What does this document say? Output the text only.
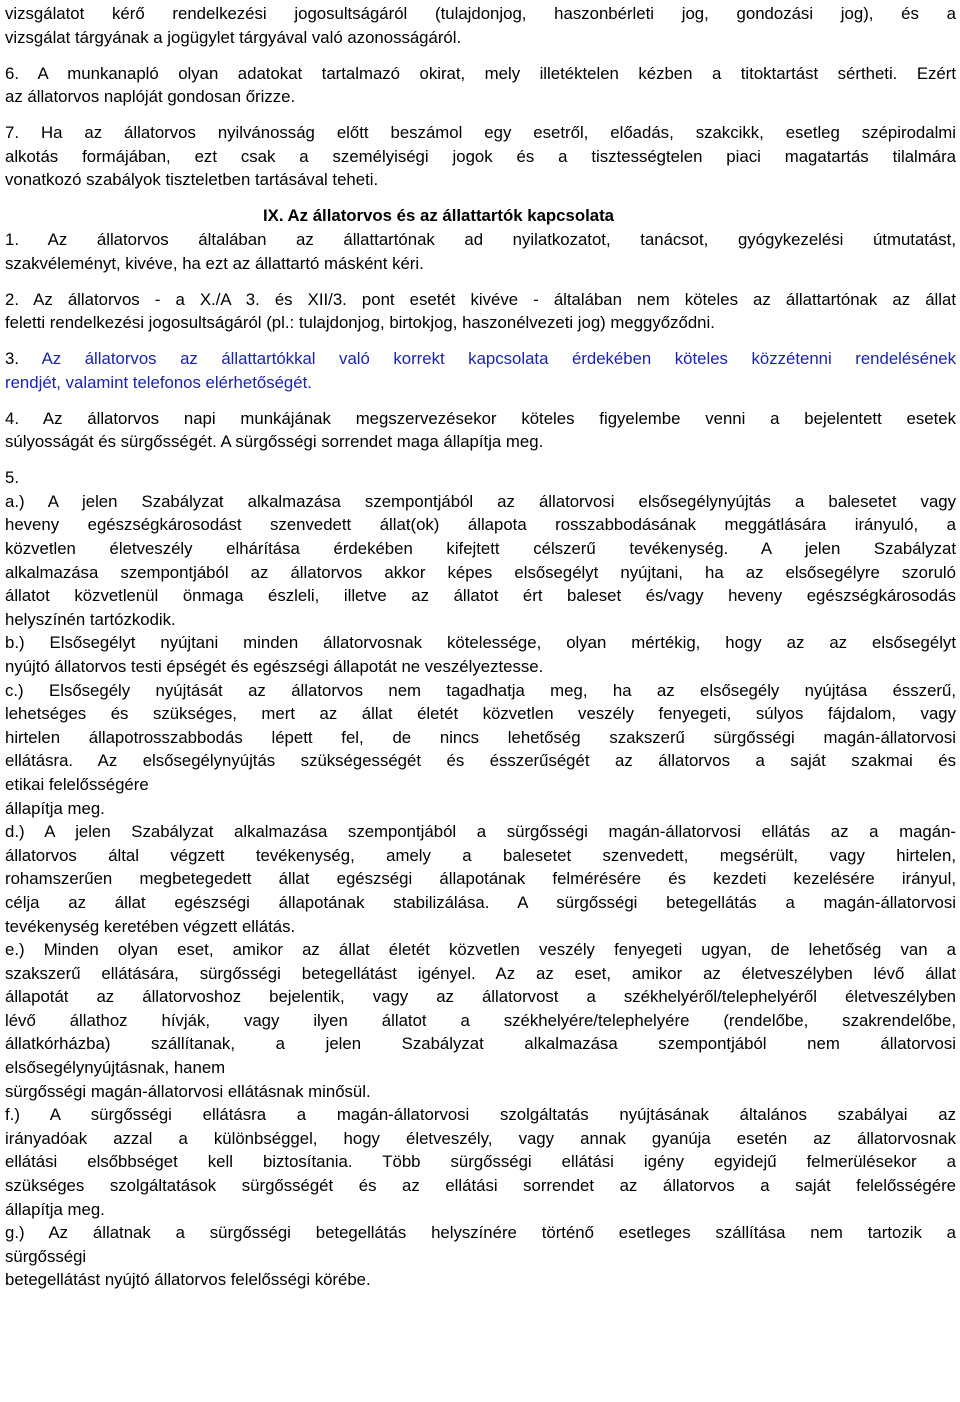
vizsgálatot kérő rendelkezési jogosultságáról (tulajdonjog, haszonbérleti jog, gondozási jog), és a
vizsgálat tárgyának a jogügylet tárgyával való azonosságáról.
6. A munkanapló olyan adatokat tartalmazó okirat, mely illetéktelen kézben a titoktartást sértheti. Ezért
az állatorvos naplóját gondosan őrizze.
7. Ha az állatorvos nyilvánosság előtt beszámol egy esetről, előadás, szakcikk, esetleg szépirodalmi
alkotás formájában, ezt csak a személyiségi jogok és a tisztességtelen piaci magatartás tilalmára
vonatkozó szabályok tiszteletben tartásával teheti.
IX. Az állatorvos és az állattartók kapcsolata
1. Az állatorvos általában az állattartónak ad nyilatkozatot, tanácsot, gyógykezelési útmutatást,
szakvéleményt, kivéve, ha ezt az állattartó másként kéri.
2. Az állatorvos - a X./A 3. és XII/3. pont esetét kivéve - általában nem köteles az állattartónak az állat
feletti rendelkezési jogosultságáról (pl.: tulajdonjog, birtokjog, haszonélvezeti jog) meggyőződni.
3. Az állatorvos az állattartókkal való korrekt kapcsolata érdekében köteles közzétenni rendelésének
rendjét, valamint telefonos elérhetőségét.
4. Az állatorvos napi munkájának megszervezésekor köteles figyelembe venni a bejelentett esetek
súlyosságát és sürgősségét. A sürgősségi sorrendet maga állapítja meg.
5.
a.) A jelen Szabályzat alkalmazása szempontjából az állatorvosi elsősegélynyújtás a balesetet vagy
heveny egészségkárosodást szenvedett állat(ok) állapota rosszabbodásának meggátlására irányuló, a
közvetlen életveszély elhárítása érdekében kifejtett célszerű tevékenység. A jelen Szabályzat
alkalmazása szempontjából az állatorvos akkor képes elsősegélyt nyújtani, ha az elsősegélyre szoruló
állatot közvetlenül önmaga észleli, illetve az állatot ért baleset és/vagy heveny egészségkárosodás
helyszínén tartózkodik.
b.) Elsősegélyt nyújtani minden állatorvosnak kötelessége, olyan mértékig, hogy az az elsősegélyt
nyújtó állatorvos testi épségét és egészségi állapotát ne veszélyeztesse.
c.) Elsősegély nyújtását az állatorvos nem tagadhatja meg, ha az elsősegély nyújtása ésszerű,
lehetséges és szükséges, mert az állat életét közvetlen veszély fenyegeti, súlyos fájdalom, vagy
hirtelen állapotrosszabbodás lépett fel, de nincs lehetőség szakszerű sürgősségi magán-állatorvosi
ellátásra. Az elsősegélynyújtás szükségességét és ésszerűségét az állatorvos a saját szakmai és
etikai felelősségére
állapítja meg.
d.) A jelen Szabályzat alkalmazása szempontjából a sürgősségi magán-állatorvosi ellátás az a magán-
állatorvos által végzett tevékenység, amely a balesetet szenvedett, megsérült, vagy hirtelen,
rohamszerűen megbetegedett állat egészségi állapotának felmérésére és kezdeti kezelésére irányul,
célja az állat egészségi állapotának stabilizálása. A sürgősségi betegellátás a magán-állatorvosi
tevékenység keretében végzett ellátás.
e.) Minden olyan eset, amikor az állat életét közvetlen veszély fenyegeti ugyan, de lehetőség van a
szakszerű ellátására, sürgősségi betegellátást igényel. Az az eset, amikor az életveszélyben lévő állat
állapotát az állatorvoshoz bejelentik, vagy az állatorvost a székhelyéről/telephelyéről életveszélyben
lévő állathoz hívják, vagy ilyen állatot a székhelyére/telephelyére (rendelőbe, szakrendelőbe,
állatkórházba) szállítanak, a jelen Szabályzat alkalmazása szempontjából nem állatorvosi
elsősegélynyújtásnak, hanem
sürgősségi magán-állatorvosi ellátásnak minősül.
f.) A sürgősségi ellátásra a magán-állatorvosi szolgáltatás nyújtásának általános szabályai az
irányadóak azzal a különbséggel, hogy életveszély, vagy annak gyanúja esetén az állatorvosnak
ellátási elsőbbséget kell biztosítania. Több sürgősségi ellátási igény egyidejű felmerülésekor a
szükséges szolgáltatások sürgősségét és az ellátási sorrendet az állatorvos a saját felelősségére
állapítja meg.
g.) Az állatnak a sürgősségi betegellátás helyszínére történő esetleges szállítása nem tartozik a
sürgősségi
betegellátást nyújtó állatorvos felelősségi körébe.
